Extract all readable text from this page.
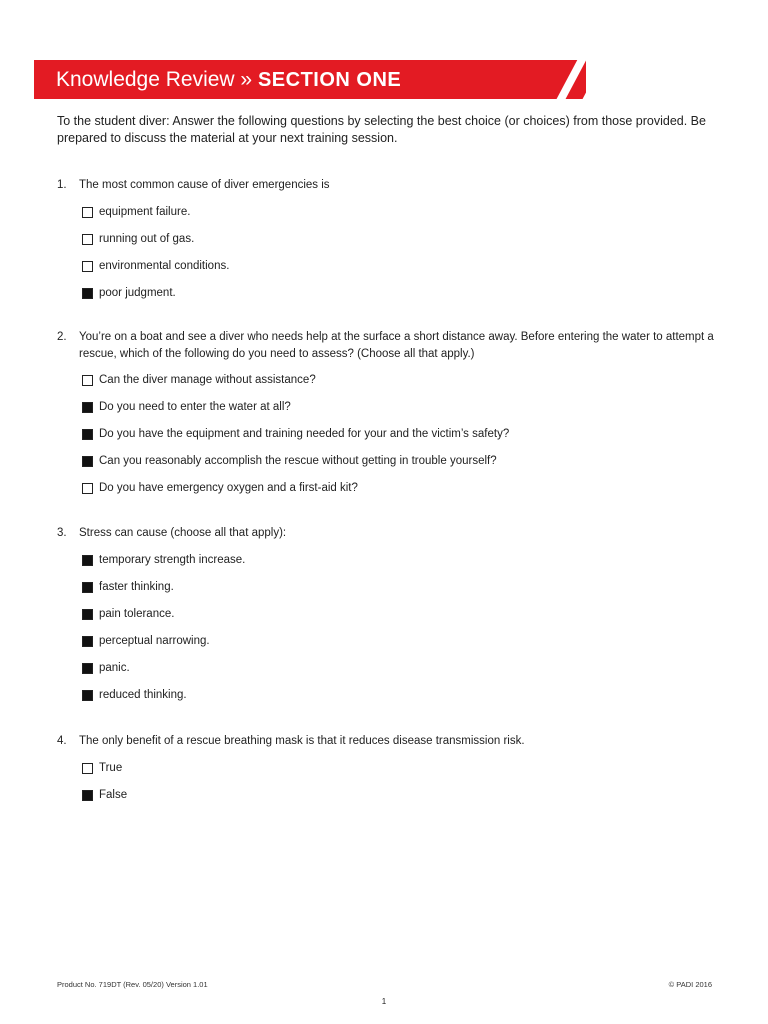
Knowledge Review » SECTION ONE

To the student diver: Answer the following questions by selecting the best choice (or choices) from those provided. Be prepared to discuss the material at your next training session.

1. The most common cause of diver emergencies is

equipment failure.
running out of gas.
environmental conditions.
poor judgment.

2. You’re on a boat and see a diver who needs help at the surface a short distance away. Before entering the water to attempt a rescue, which of the following do you need to assess? (Choose all that apply.)

Can the diver manage without assistance?
Do you need to enter the water at all?
Do you have the equipment and training needed for your and the victim’s safety?
Can you reasonably accomplish the rescue without getting in trouble yourself?
Do you have emergency oxygen and a first-aid kit?

3. Stress can cause (choose all that apply):

temporary strength increase.
faster thinking.
pain tolerance.
perceptual narrowing.
panic.
reduced thinking.

4. The only benefit of a rescue breathing mask is that it reduces disease transmission risk.

True
False
Product No. 719DT (Rev. 05/20) Version 1.01	© PADI 2016
1
